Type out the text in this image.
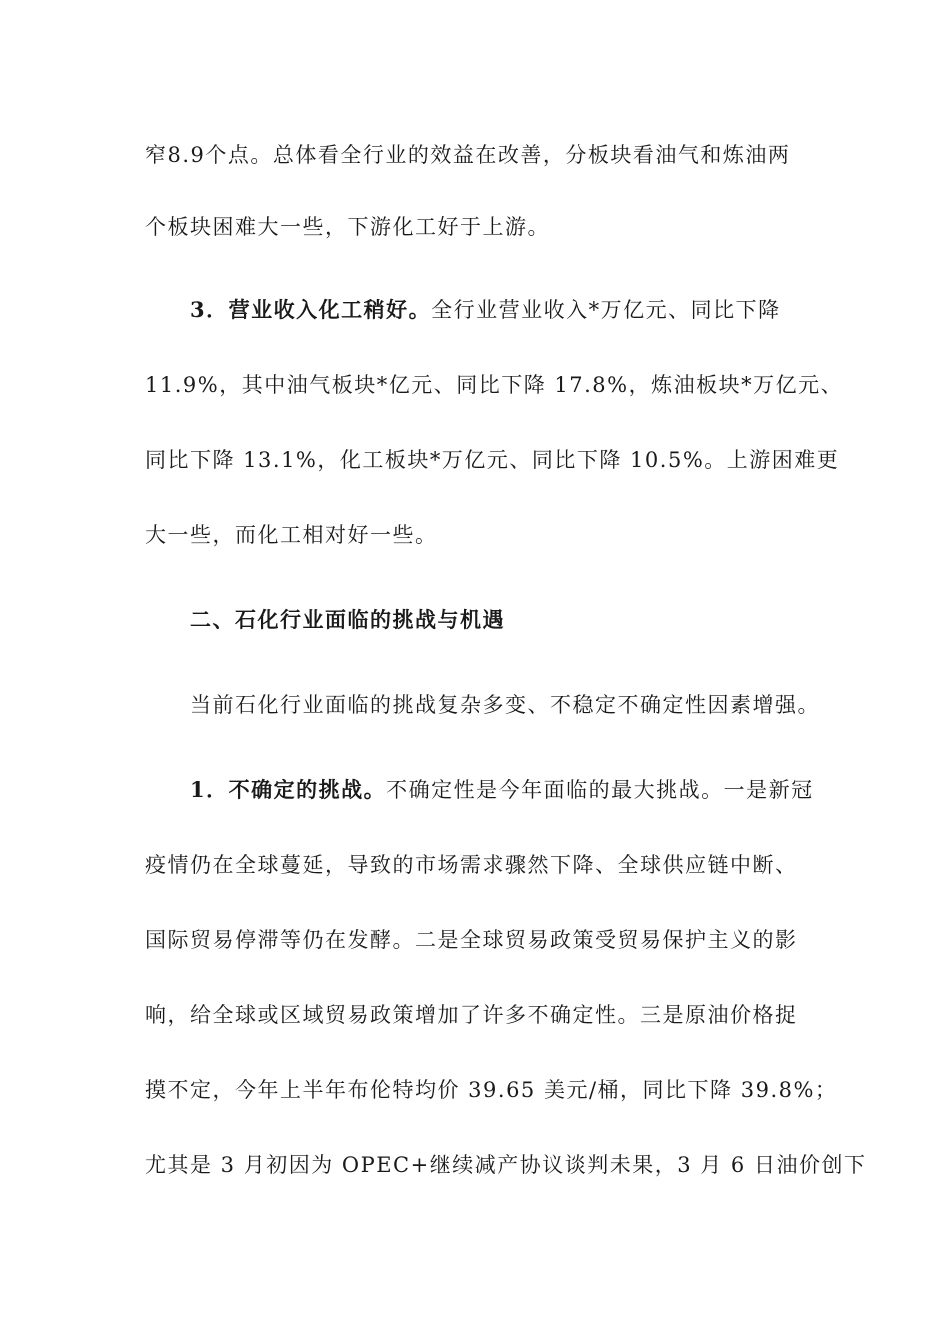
窄8.9个点。总体看全行业的效益在改善，分板块看油气和炼油两
个板块困难大一些，下游化工好于上游。
3．营业收入化工稍好。全行业营业收入*万亿元、同比下降
11.9%，其中油气板块*亿元、同比下降 17.8%，炼油板块*万亿元、
同比下降 13.1%，化工板块*万亿元、同比下降 10.5%。上游困难更
大一些，而化工相对好一些。
二、石化行业面临的挑战与机遇
当前石化行业面临的挑战复杂多变、不稳定不确定性因素增强。
1．不确定的挑战。不确定性是今年面临的最大挑战。一是新冠
疫情仍在全球蔓延，导致的市场需求骤然下降、全球供应链中断、
国际贸易停滞等仍在发酵。二是全球贸易政策受贸易保护主义的影
响，给全球或区域贸易政策增加了许多不确定性。三是原油价格捉
摸不定，今年上半年布伦特均价 39.65 美元/桶，同比下降 39.8%；
尤其是 3 月初因为 OPEC+继续减产协议谈判未果，3 月 6 日油价创下
